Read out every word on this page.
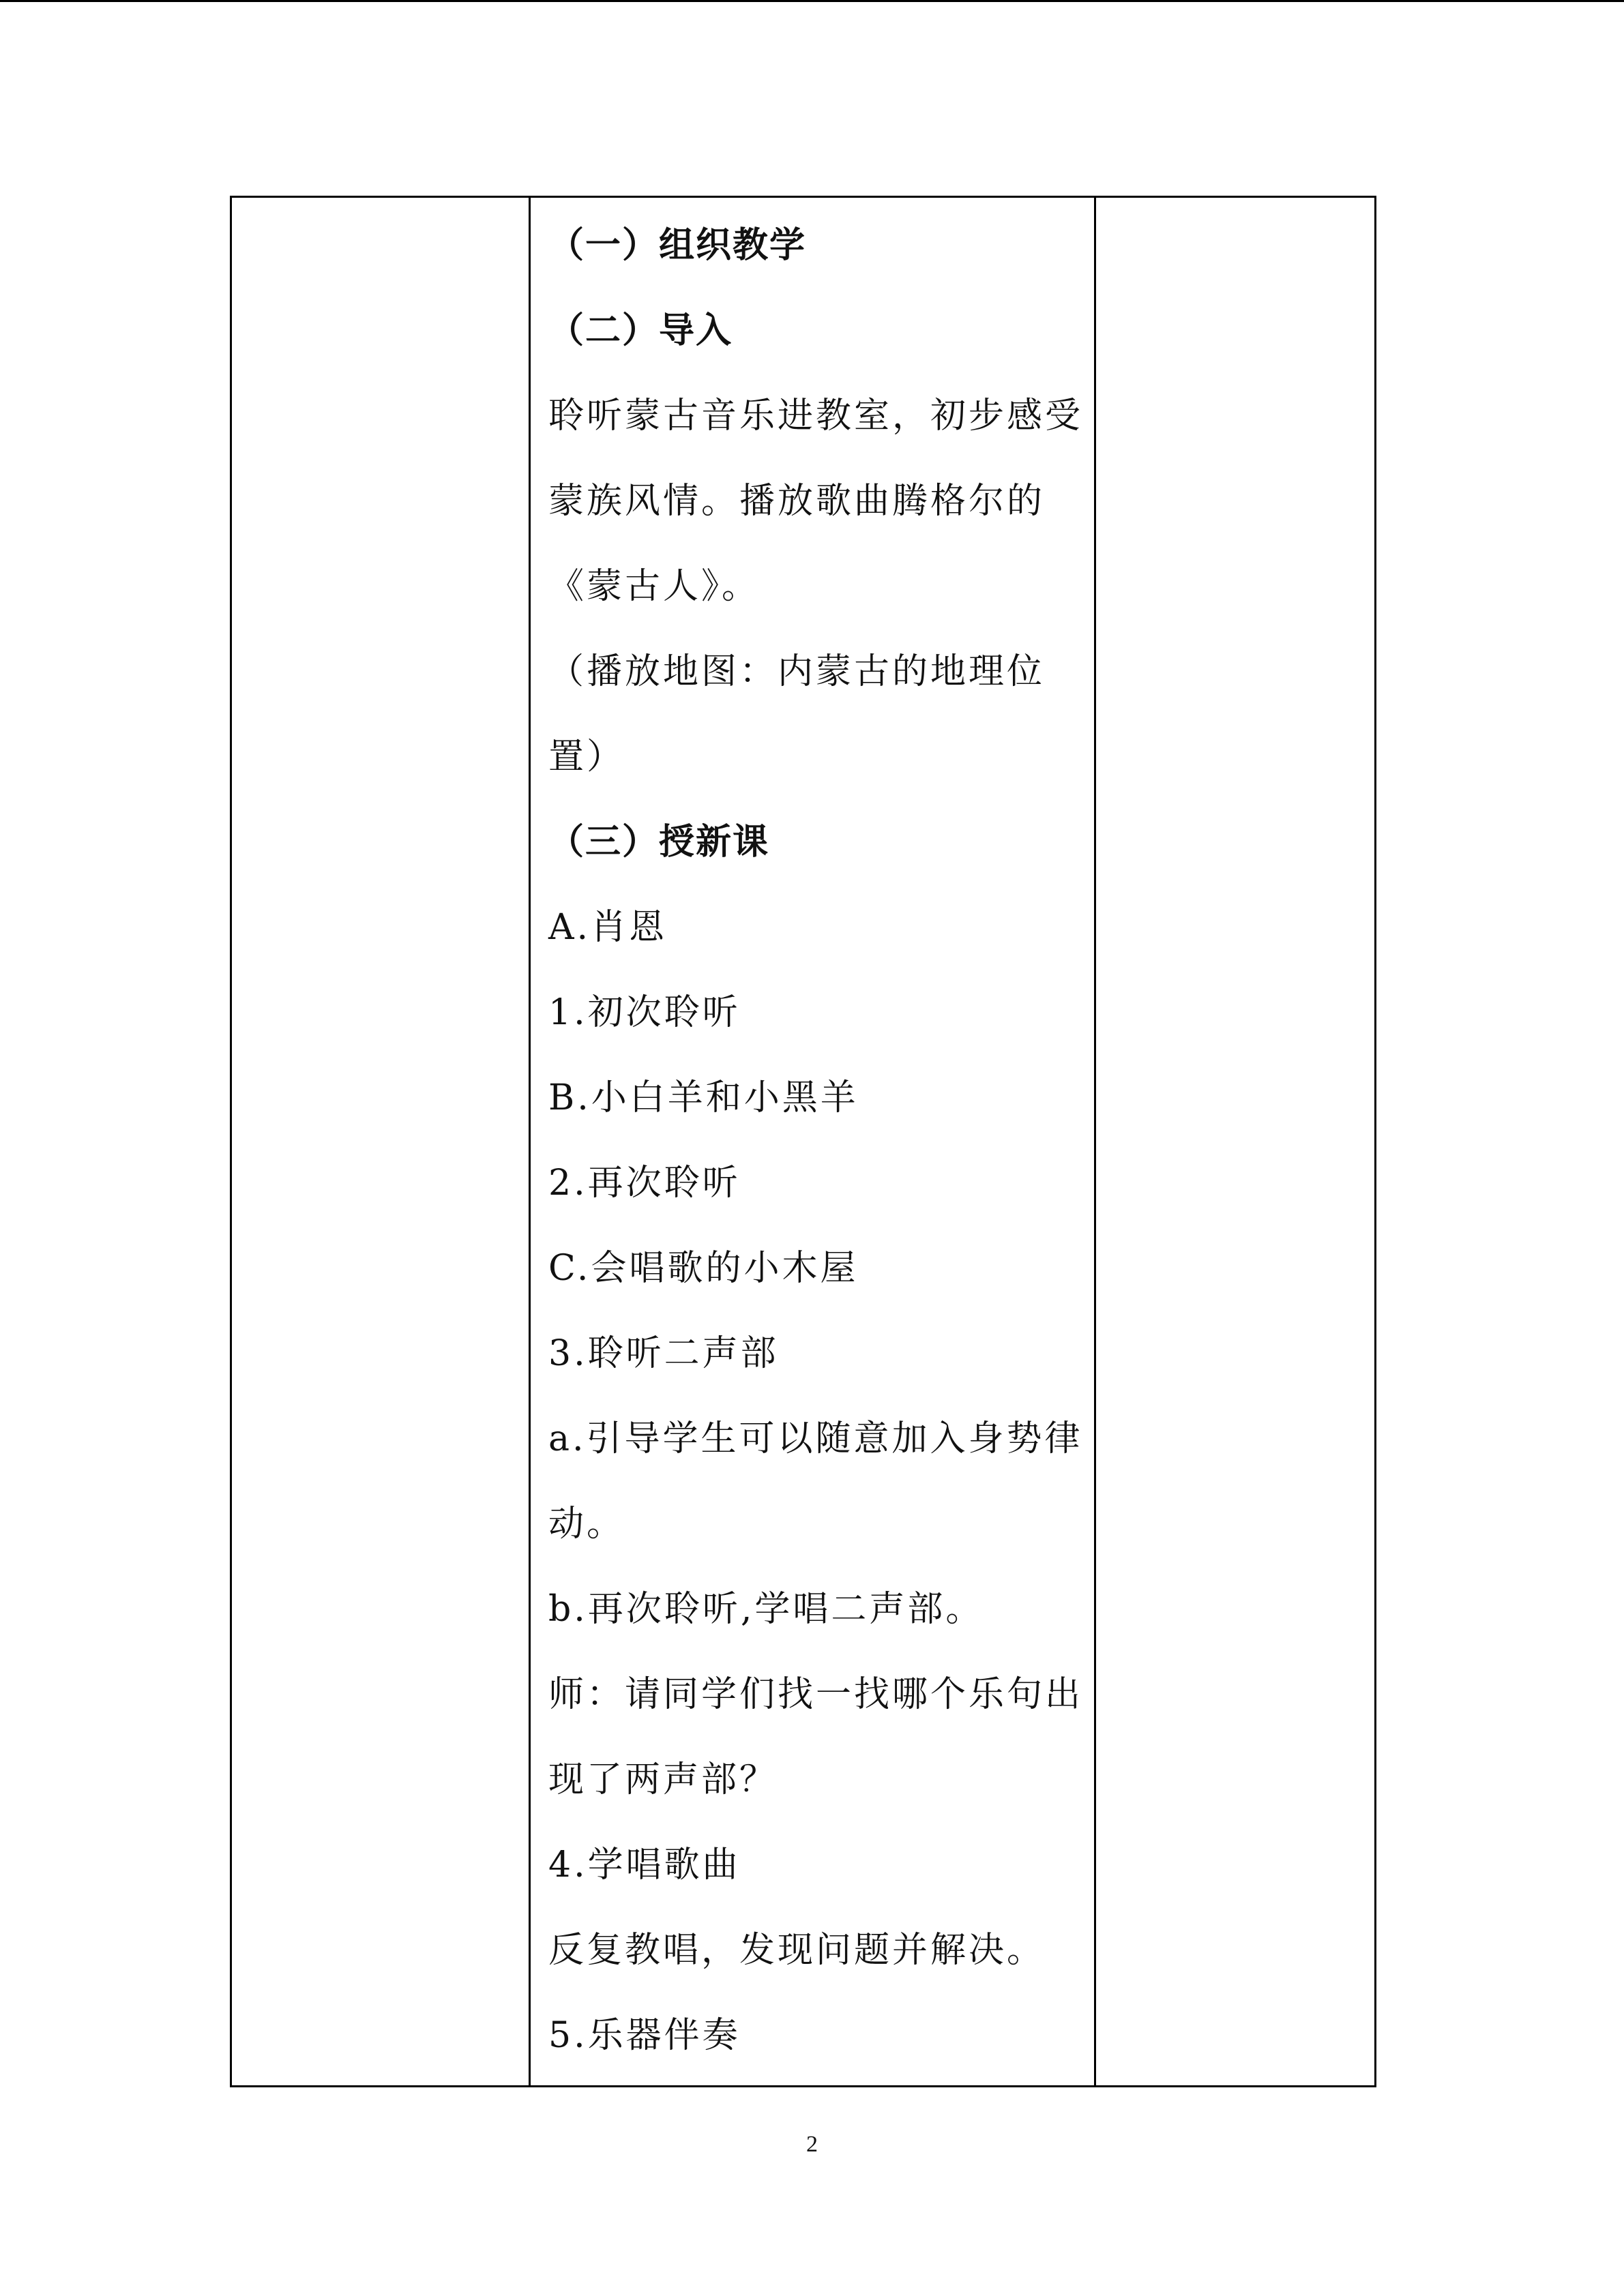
（一）组织教学
（二）导入
聆听蒙古音乐进教室，初步感受
蒙族风情。播放歌曲腾格尔的
《蒙古人》。
（播放地图：内蒙古的地理位
置）
（三）授新课
A.肖恩
1.初次聆听
B.小白羊和小黑羊
2.再次聆听
C.会唱歌的小木屋
3.聆听二声部
a.引导学生可以随意加入身势律
动。
b.再次聆听,学唱二声部。
师：请同学们找一找哪个乐句出
现了两声部？
4.学唱歌曲
反复教唱，发现问题并解决。
5.乐器伴奏
2
